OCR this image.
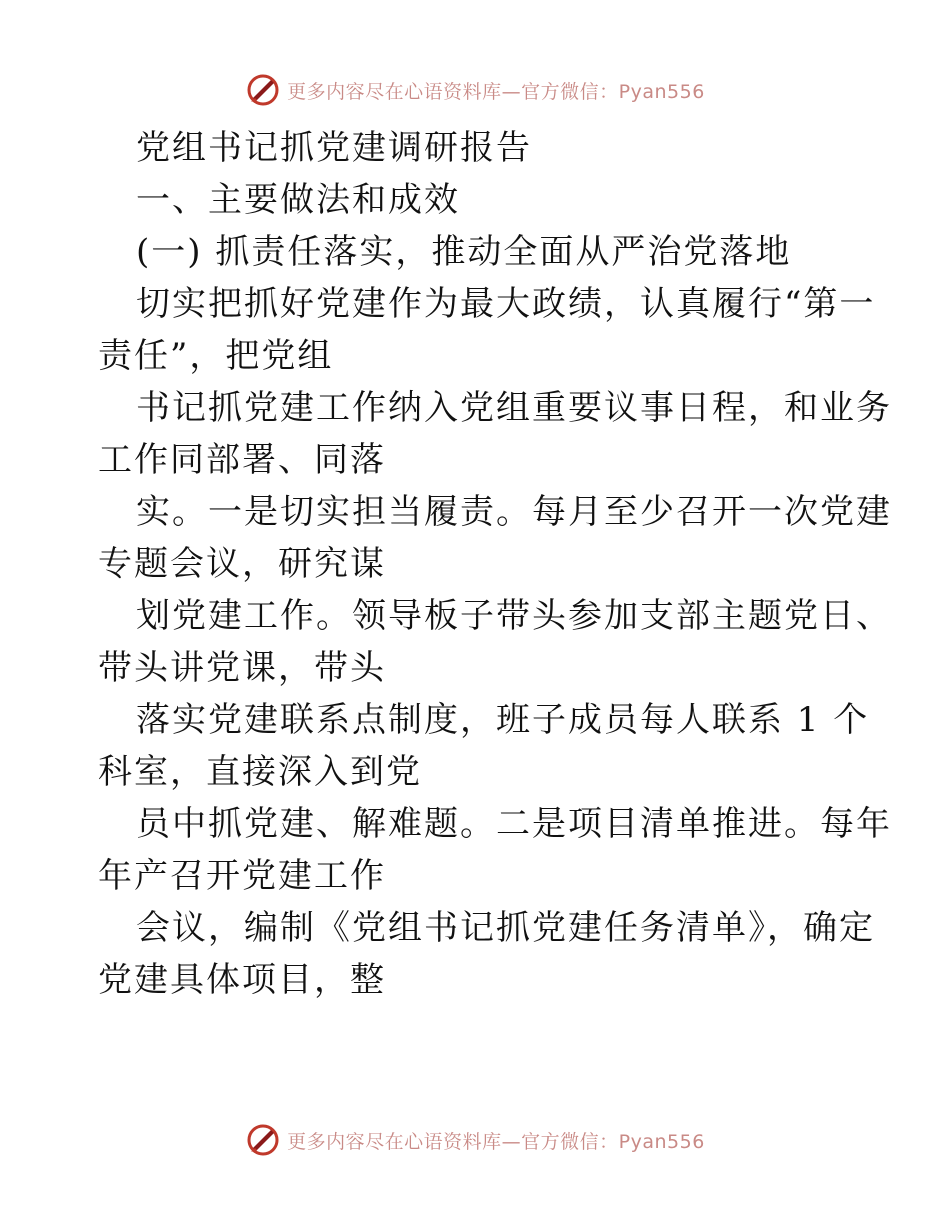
更多内容尽在心语资料库—官方微信：Pyan556
党组书记抓党建调研报告
一、主要做法和成效
(一) 抓责任落实，推动全面从严治党落地
切实把抓好党建作为最大政绩，认真履行“第一
责任”，把党组
书记抓党建工作纳入党组重要议事日程，和业务
工作同部署、同落
实。一是切实担当履责。每月至少召开一次党建
专题会议，研究谋
划党建工作。领导板子带头参加支部主题党日、
带头讲党课，带头
落实党建联系点制度，班子成员每人联系 1 个
科室，直接深入到党
员中抓党建、解难题。二是项目清单推进。每年
年产召开党建工作
会议，编制《党组书记抓党建任务清单》，确定
党建具体项目，整
更多内容尽在心语资料库—官方微信：Pyan556
